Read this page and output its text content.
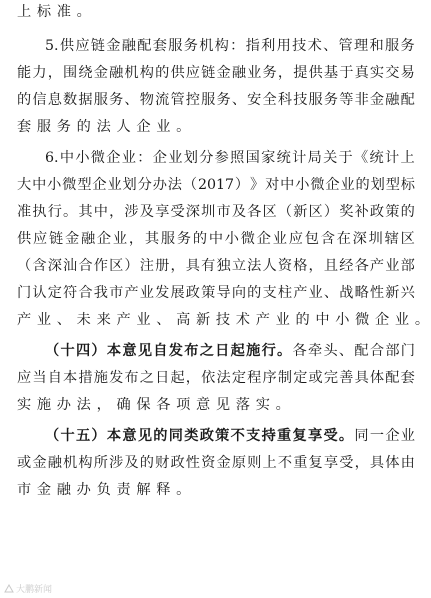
上 标 准 。
5. 供 应 链 金 融 配 套 服 务 机 构 ： 指 利 用 技 术 、 管 理 和 服 务
能 力 ， 围 绕 金 融 机 构 的 供 应 链 金 融 业 务 ， 提 供 基 于 真 实 交 易
的 信 息 数 据 服 务 、 物 流 管 控 服 务 、 安 全 科 技 服 务 等 非 金 融 配
套 服 务 的 法 人 企 业 。
6. 中 小 微 企 业 ： 企 业 划 分 参 照 国 家 统 计 局 关 于 《 统 计 上
大 中 小 微 型 企 业 划 分 办 法 （ 2017 ） 》 对 中 小 微 企 业 的 划 型 标
准 执 行 。 其 中 ， 涉 及 享 受 深 圳 市 及 各 区 （ 新 区 ） 奖 补 政 策 的
供 应 链 金 融 企 业 ， 其 服 务 的 中 小 微 企 业 应 包 含 在 深 圳 辖 区
（ 含 深 汕 合 作 区 ） 注 册 ， 具 有 独 立 法 人 资 格 ， 且 经 各 产 业 部
门 认 定 符 合 我 市 产 业 发 展 政 策 导 向 的 支 柱 产 业 、 战 略 性 新 兴
产 业 、 未 来 产 业 、 高 新 技 术 产 业 的 中 小 微 企 业 。
（ 十 四 ） 本 意 见 自 发 布 之 日 起 施 行 。 各 牵 头 、 配 合 部 门
应 当 自 本 措 施 发 布 之 日 起 ， 依 法 定 程 序 制 定 或 完 善 具 体 配 套
实 施 办 法 ， 确 保 各 项 意 见 落 实 。
（ 十 五 ） 本 意 见 的 同 类 政 策 不 支 持 重 复 享 受 。 同 一 企 业
或 金 融 机 构 所 涉 及 的 财 政 性 资 金 原 则 上 不 重 复 享 受 ， 具 体 由
市 金 融 办 负 责 解 释 。
大鹏新闻
